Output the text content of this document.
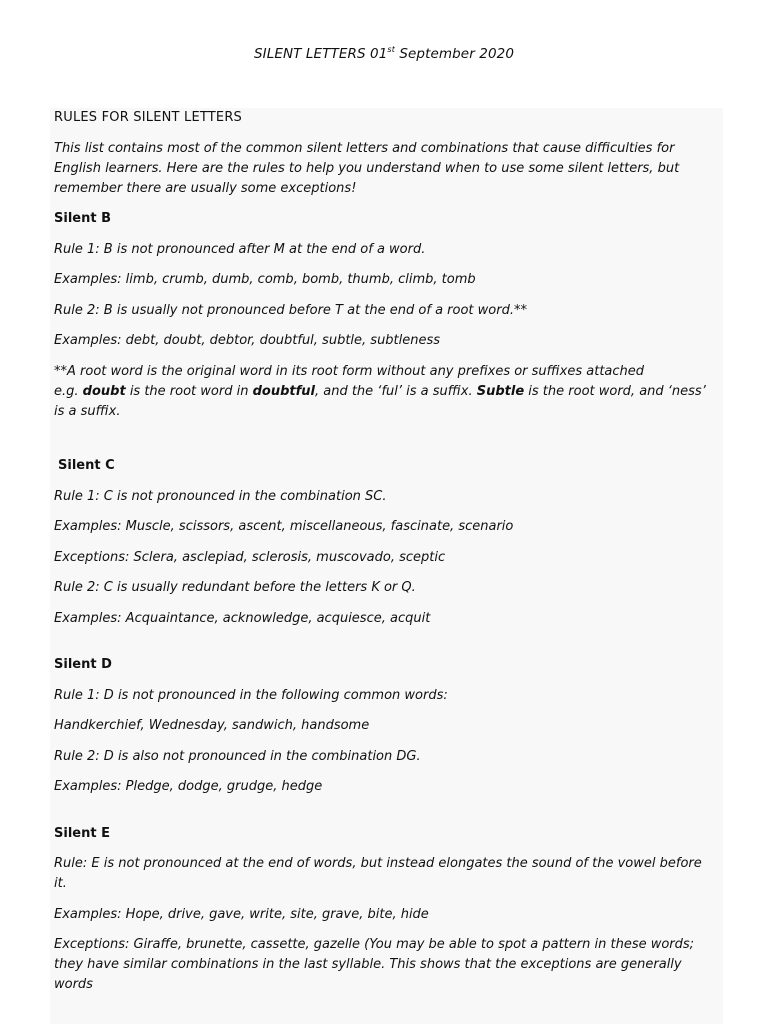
SILENT LETTERS 01st September 2020

RULES FOR SILENT LETTERS

This list contains most of the common silent letters and combinations that cause difficulties for English learners. Here are the rules to help you understand when to use some silent letters, but remember there are usually some exceptions!

Silent B

Rule 1: B is not pronounced after M at the end of a word.

Examples: limb, crumb, dumb, comb, bomb, thumb, climb, tomb

Rule 2: B is usually not pronounced before T at the end of a root word.**

Examples: debt, doubt, debtor, doubtful, subtle, subtleness

**A root word is the original word in its root form without any prefixes or suffixes attached
e.g. doubt is the root word in doubtful, and the ‘ful’ is a suffix. Subtle is the root word, and ‘ness’ is a suffix.

Silent C

Rule 1: C is not pronounced in the combination SC.

Examples: Muscle, scissors, ascent, miscellaneous, fascinate, scenario

Exceptions: Sclera, asclepiad, sclerosis, muscovado, sceptic

Rule 2: C is usually redundant before the letters K or Q.

Examples: Acquaintance, acknowledge, acquiesce, acquit

Silent D

Rule 1: D is not pronounced in the following common words:

Handkerchief, Wednesday, sandwich, handsome

Rule 2: D is also not pronounced in the combination DG.

Examples: Pledge, dodge, grudge, hedge

Silent E

Rule: E is not pronounced at the end of words, but instead elongates the sound of the vowel before it.

Examples: Hope, drive, gave, write, site, grave, bite, hide

Exceptions: Giraffe, brunette, cassette, gazelle (You may be able to spot a pattern in these words; they have similar combinations in the last syllable. This shows that the exceptions are generally words
